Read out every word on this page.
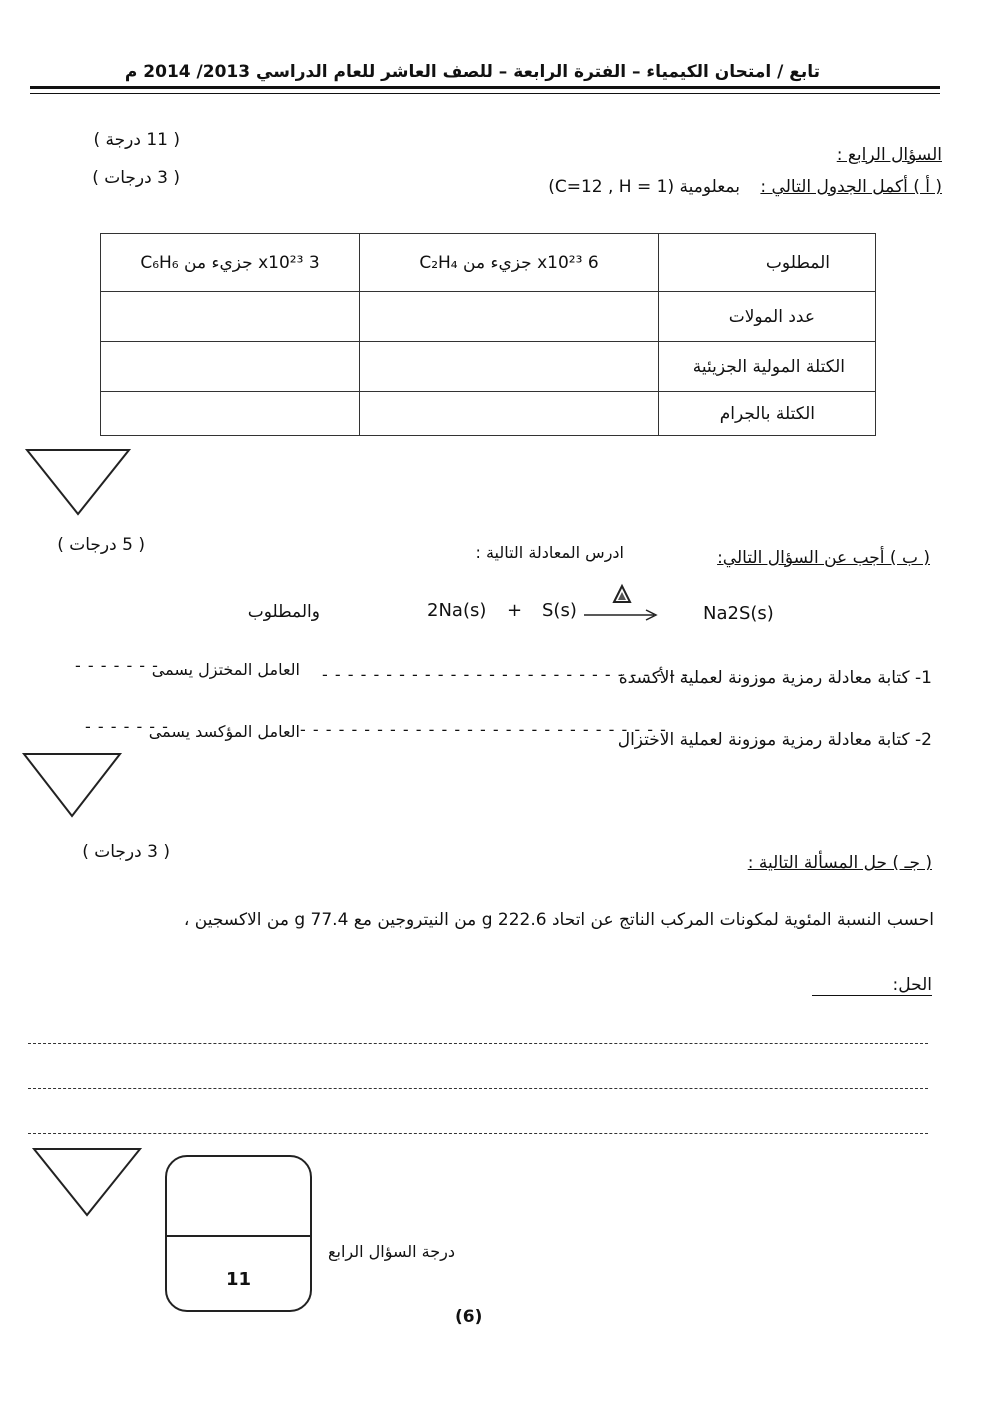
تابع / امتحان الكيمياء – الفترة الرابعة – للصف العاشر للعام الدراسي 2013/ 2014 م
السؤال الرابع :
( 11 درجة )
( أ ) أكمل الجدول التالي :
بمعلومية (C=12 , H = 1)
( 3 درجات )
3 x10²³ جزيء من C₆H₆	6 x10²³ جزيء من C₂H₄	المطلوب
		عدد المولات
		الكتلة المولية الجزيئية
		الكتلة بالجرام
( ب ) أجب عن السؤال التالي:
ادرس المعادلة التالية :
( 5 درجات )
والمطلوب	2Na(s) + S(s)	Na2S(s)
1- كتابة معادلة رمزية موزونة لعملية الأكسدة
- - - - - - - - - - - - - - - - - - - - - - - - - - - - -
العامل المختزل يسمى
- - - - - - -
2- كتابة معادلة رمزية موزونة لعملية الاختزال
- - - - - - - - - - - - - - - - - - - - - - - - - - - - -
العامل المؤكسد يسمى
- - - - - - -
( جـ ) حل المسألة التالية :
( 3 درجات )
احسب النسبة المئوية لمكونات المركب الناتج عن اتحاد 222.6 g من النيتروجين مع 77.4 g من الاكسجين ،
الحل:
11
درجة السؤال الرابع
(6)
